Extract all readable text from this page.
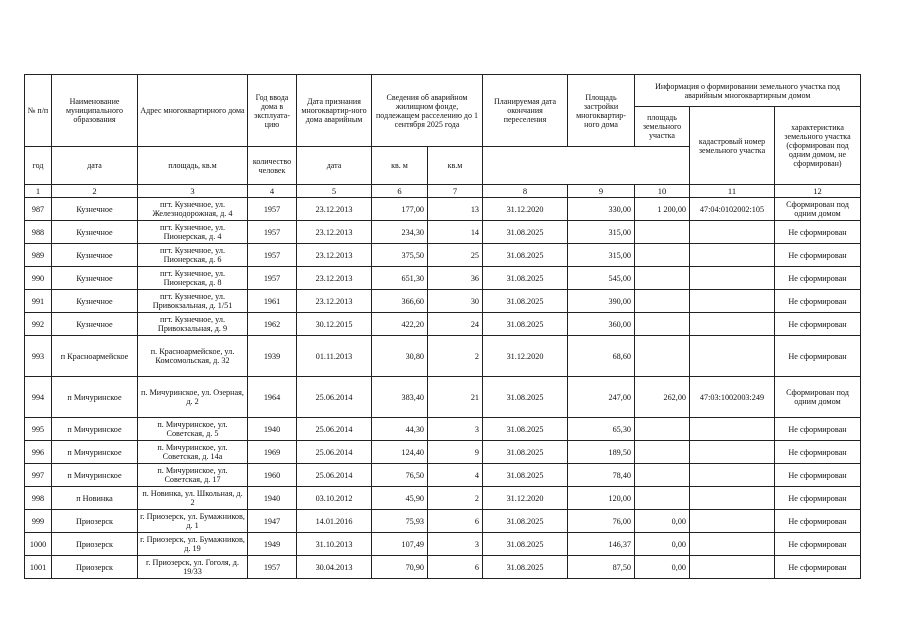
№ п/п	Наименование муниципального образования	Адрес многоквартирного дома	Год ввода дома в эксплуата-цию	Дата признания многоквартир-ного дома аварийным	Сведения об аварийном жилищном фонде, подлежащем расселению до 1 сентября 2025 года		Планируемая дата окончания переселения	Площадь застройки многоквартир-ного дома	Информация о формировании земельного участка под аварийным многоквартирным домом		
									площадь земельного участка	кадастровый номер земельного участка	характеристика земельного участка (сформирован под одним домом, не сформирован)
год	дата	площадь, кв.м	количество человек	дата	кв. м	кв.м					
1	2	3	4	5	6	7	8	9	10	11	12
987	Кузнечное	пгт. Кузнечное, ул. Железнодорожная, д. 4	1957	23.12.2013	177,00	13	31.12.2020	330,00	1 200,00	47:04:0102002:105	Сформирован под одним домом
988	Кузнечное	пгт. Кузнечное, ул. Пионерская, д. 4	1957	23.12.2013	234,30	14	31.08.2025	315,00			Не сформирован
989	Кузнечное	пгт. Кузнечное, ул. Пионерская, д. 6	1957	23.12.2013	375,50	25	31.08.2025	315,00			Не сформирован
990	Кузнечное	пгт. Кузнечное, ул. Пионерская, д. 8	1957	23.12.2013	651,30	36	31.08.2025	545,00			Не сформирован
991	Кузнечное	пгт. Кузнечное, ул. Привокзальная, д. 1/51	1961	23.12.2013	366,60	30	31.08.2025	390,00			Не сформирован
992	Кузнечное	пгт. Кузнечное, ул. Привокзальная, д. 9	1962	30.12.2015	422,20	24	31.08.2025	360,00			Не сформирован
993	п Красноармейское	п. Красноармейское, ул. Комсомольская, д. 32	1939	01.11.2013	30,80	2	31.12.2020	68,60			Не сформирован
994	п Мичуринское	п. Мичуринское, ул. Озерная, д. 2	1964	25.06.2014	383,40	21	31.08.2025	247,00	262,00	47:03:1002003:249	Сформирован под одним домом
995	п Мичуринское	п. Мичуринское, ул. Советская, д. 5	1940	25.06.2014	44,30	3	31.08.2025	65,30			Не сформирован
996	п Мичуринское	п. Мичуринское, ул. Советская, д. 14а	1969	25.06.2014	124,40	9	31.08.2025	189,50			Не сформирован
997	п Мичуринское	п. Мичуринское, ул. Советская, д. 17	1960	25.06.2014	76,50	4	31.08.2025	78,40			Не сформирован
998	п Новинка	п. Новинка, ул. Школьная, д. 2	1940	03.10.2012	45,90	2	31.12.2020	120,00			Не сформирован
999	Приозерск	г. Приозерск, ул. Бумажников, д. 1	1947	14.01.2016	75,93	6	31.08.2025	76,00	0,00		Не сформирован
1000	Приозерск	г. Приозерск, ул. Бумажников, д. 19	1949	31.10.2013	107,49	3	31.08.2025	146,37	0,00		Не сформирован
1001	Приозерск	г. Приозерск, ул. Гоголя, д. 19/33	1957	30.04.2013	70,90	6	31.08.2025	87,50	0,00		Не сформирован
